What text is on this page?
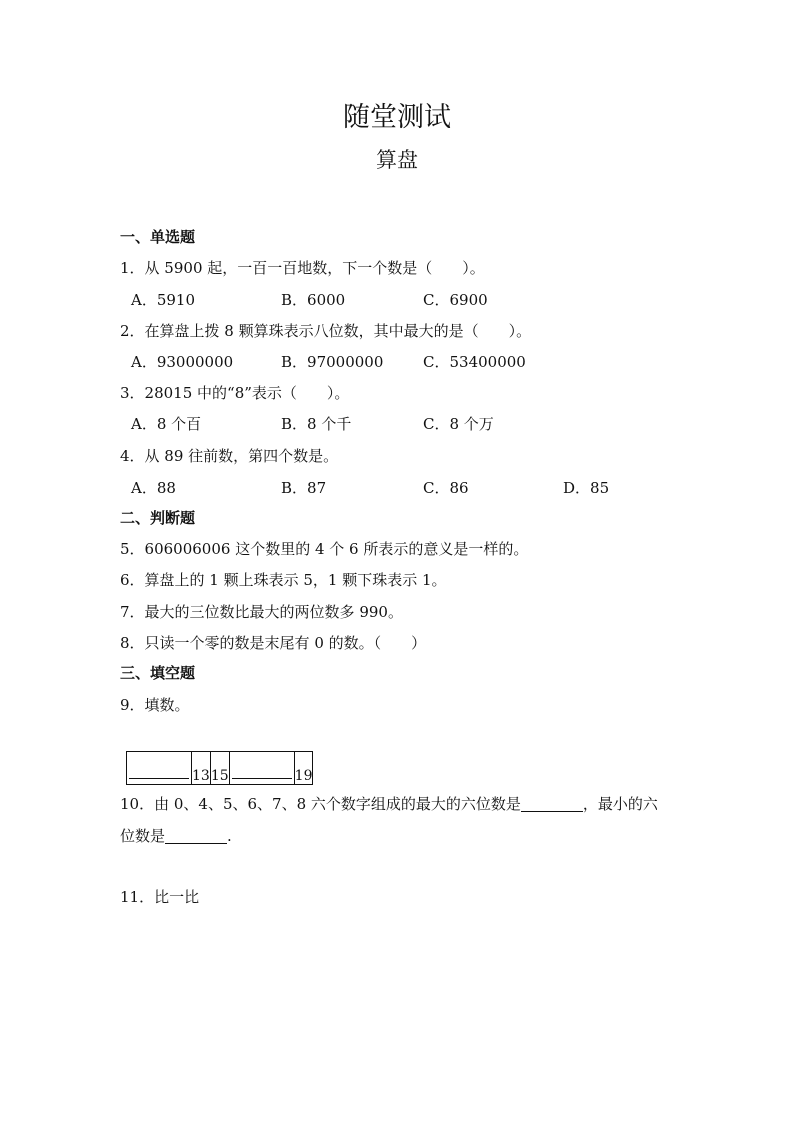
随堂测试
算盘
一、单选题
1．从 5900 起，一百一百地数，下一个数是（　　）。
A．5910	B．6000	C．6900
2．在算盘上拨 8 颗算珠表示八位数，其中最大的是（　　）。
A．93000000	B．97000000	C．53400000
3．28015 中的“8”表示（　　）。
A．8 个百	B．8 个千	C．8 个万
4．从 89 往前数，第四个数是。
A．88	B．87	C．86	D．85
二、判断题
5．606006006 这个数里的 4 个 6 所表示的意义是一样的。
6．算盘上的 1 颗上珠表示 5，1 颗下珠表示 1。
7．最大的三位数比最大的两位数多 990。
8．只读一个零的数是末尾有 0 的数。（　　）
三、填空题
9．填数。
	13	15		19
10．由 0、4、5、6、7、8 六个数字组成的最大的六位数是	，最小的六
位数是	.
11．比一比
